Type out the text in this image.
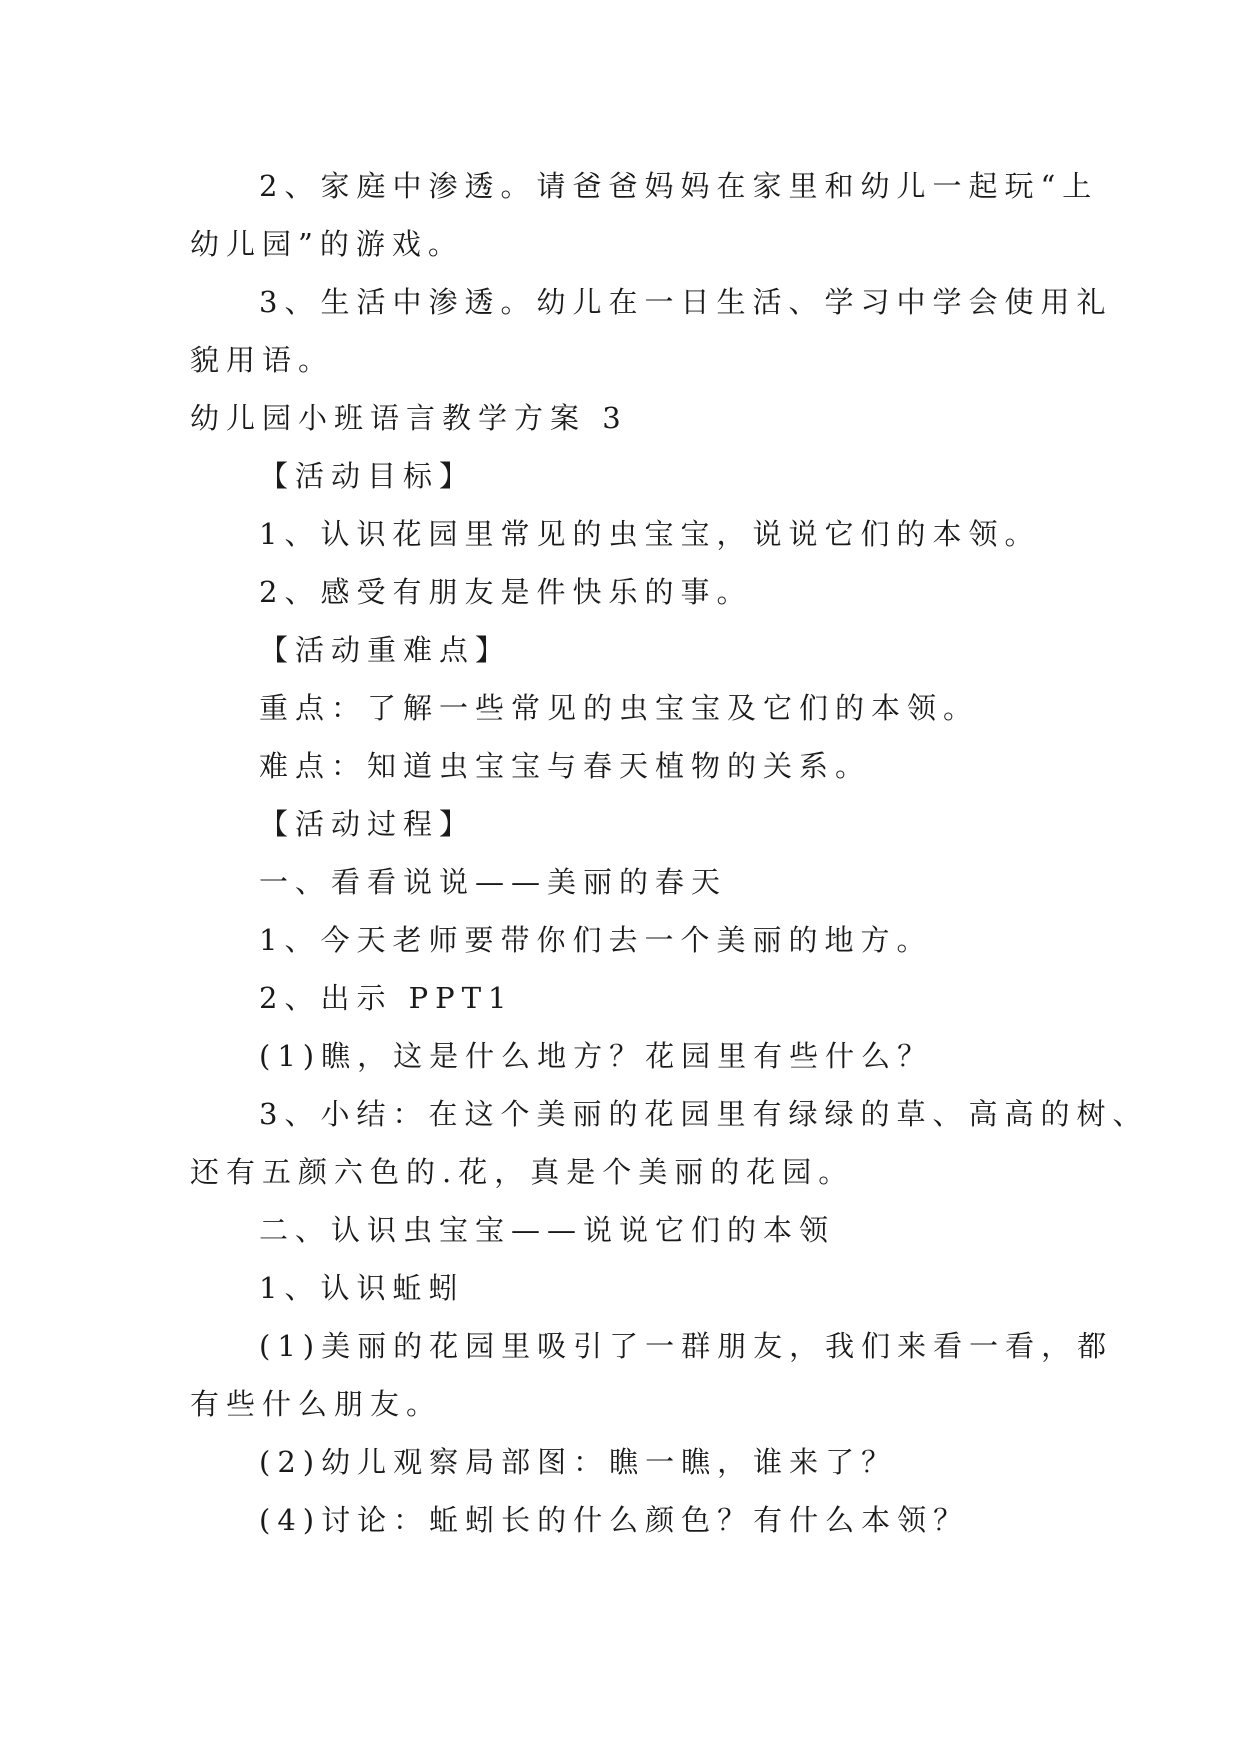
2、家庭中渗透。请爸爸妈妈在家里和幼儿一起玩“上
幼儿园”的游戏。
3、生活中渗透。幼儿在一日生活、学习中学会使用礼
貌用语。
幼儿园小班语言教学方案 3
【活动目标】
1、认识花园里常见的虫宝宝，说说它们的本领。
2、感受有朋友是件快乐的事。
【活动重难点】
重点：了解一些常见的虫宝宝及它们的本领。
难点：知道虫宝宝与春天植物的关系。
【活动过程】
一、看看说说——美丽的春天
1、今天老师要带你们去一个美丽的地方。
2、出示 PPT1
(1)瞧，这是什么地方？花园里有些什么？
3、小结：在这个美丽的花园里有绿绿的草、高高的树、
还有五颜六色的.花，真是个美丽的花园。
二、认识虫宝宝——说说它们的本领
1、认识蚯蚓
(1)美丽的花园里吸引了一群朋友，我们来看一看，都
有些什么朋友。
(2)幼儿观察局部图：瞧一瞧，谁来了？
(4)讨论：蚯蚓长的什么颜色？有什么本领？
